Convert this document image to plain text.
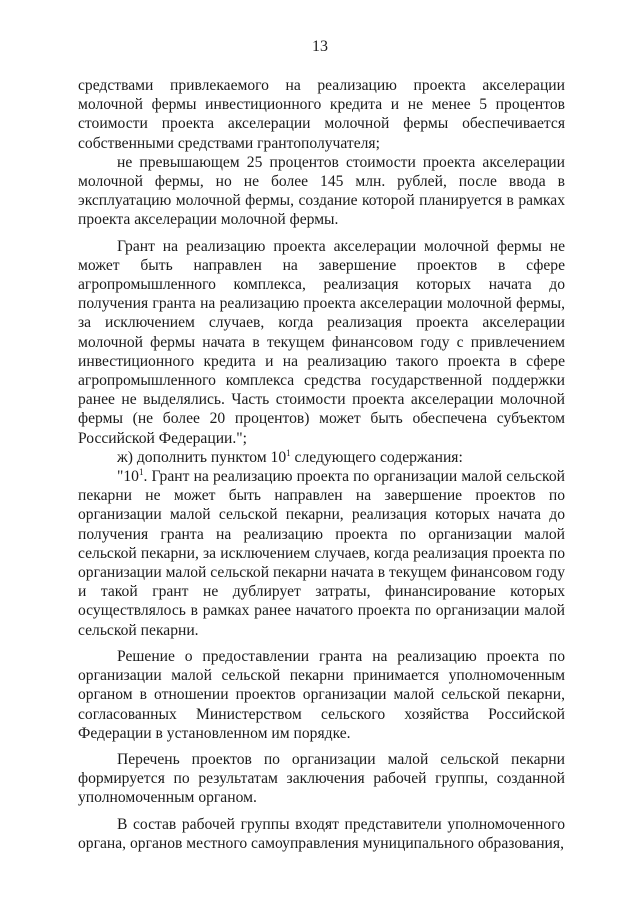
13

средствами привлекаемого на реализацию проекта акселерации молочной фермы инвестиционного кредита и не менее 5 процентов стоимости проекта акселерации молочной фермы обеспечивается собственными средствами грантополучателя;

не превышающем 25 процентов стоимости проекта акселерации молочной фермы, но не более 145 млн. рублей, после ввода в эксплуатацию молочной фермы, создание которой планируется в рамках проекта акселерации молочной фермы.

Грант на реализацию проекта акселерации молочной фермы не может быть направлен на завершение проектов в сфере агропромышленного комплекса, реализация которых начата до получения гранта на реализацию проекта акселерации молочной фермы, за исключением случаев, когда реализация проекта акселерации молочной фермы начата в текущем финансовом году с привлечением инвестиционного кредита и на реализацию такого проекта в сфере агропромышленного комплекса средства государственной поддержки ранее не выделялись. Часть стоимости проекта акселерации молочной фермы (не более 20 процентов) может быть обеспечена субъектом Российской Федерации.";

ж) дополнить пунктом $10^1$ следующего содержания:

"$10^1$. Грант на реализацию проекта по организации малой сельской пекарни не может быть направлен на завершение проектов по организации малой сельской пекарни, реализация которых начата до получения гранта на реализацию проекта по организации малой сельской пекарни, за исключением случаев, когда реализация проекта по организации малой сельской пекарни начата в текущем финансовом году и такой грант не дублирует затраты, финансирование которых осуществлялось в рамках ранее начатого проекта по организации малой сельской пекарни.

Решение о предоставлении гранта на реализацию проекта по организации малой сельской пекарни принимается уполномоченным органом в отношении проектов организации малой сельской пекарни, согласованных Министерством сельского хозяйства Российской Федерации в установленном им порядке.

Перечень проектов по организации малой сельской пекарни формируется по результатам заключения рабочей группы, созданной уполномоченным органом.

В состав рабочей группы входят представители уполномоченного органа, органов местного самоуправления муниципального образования,
